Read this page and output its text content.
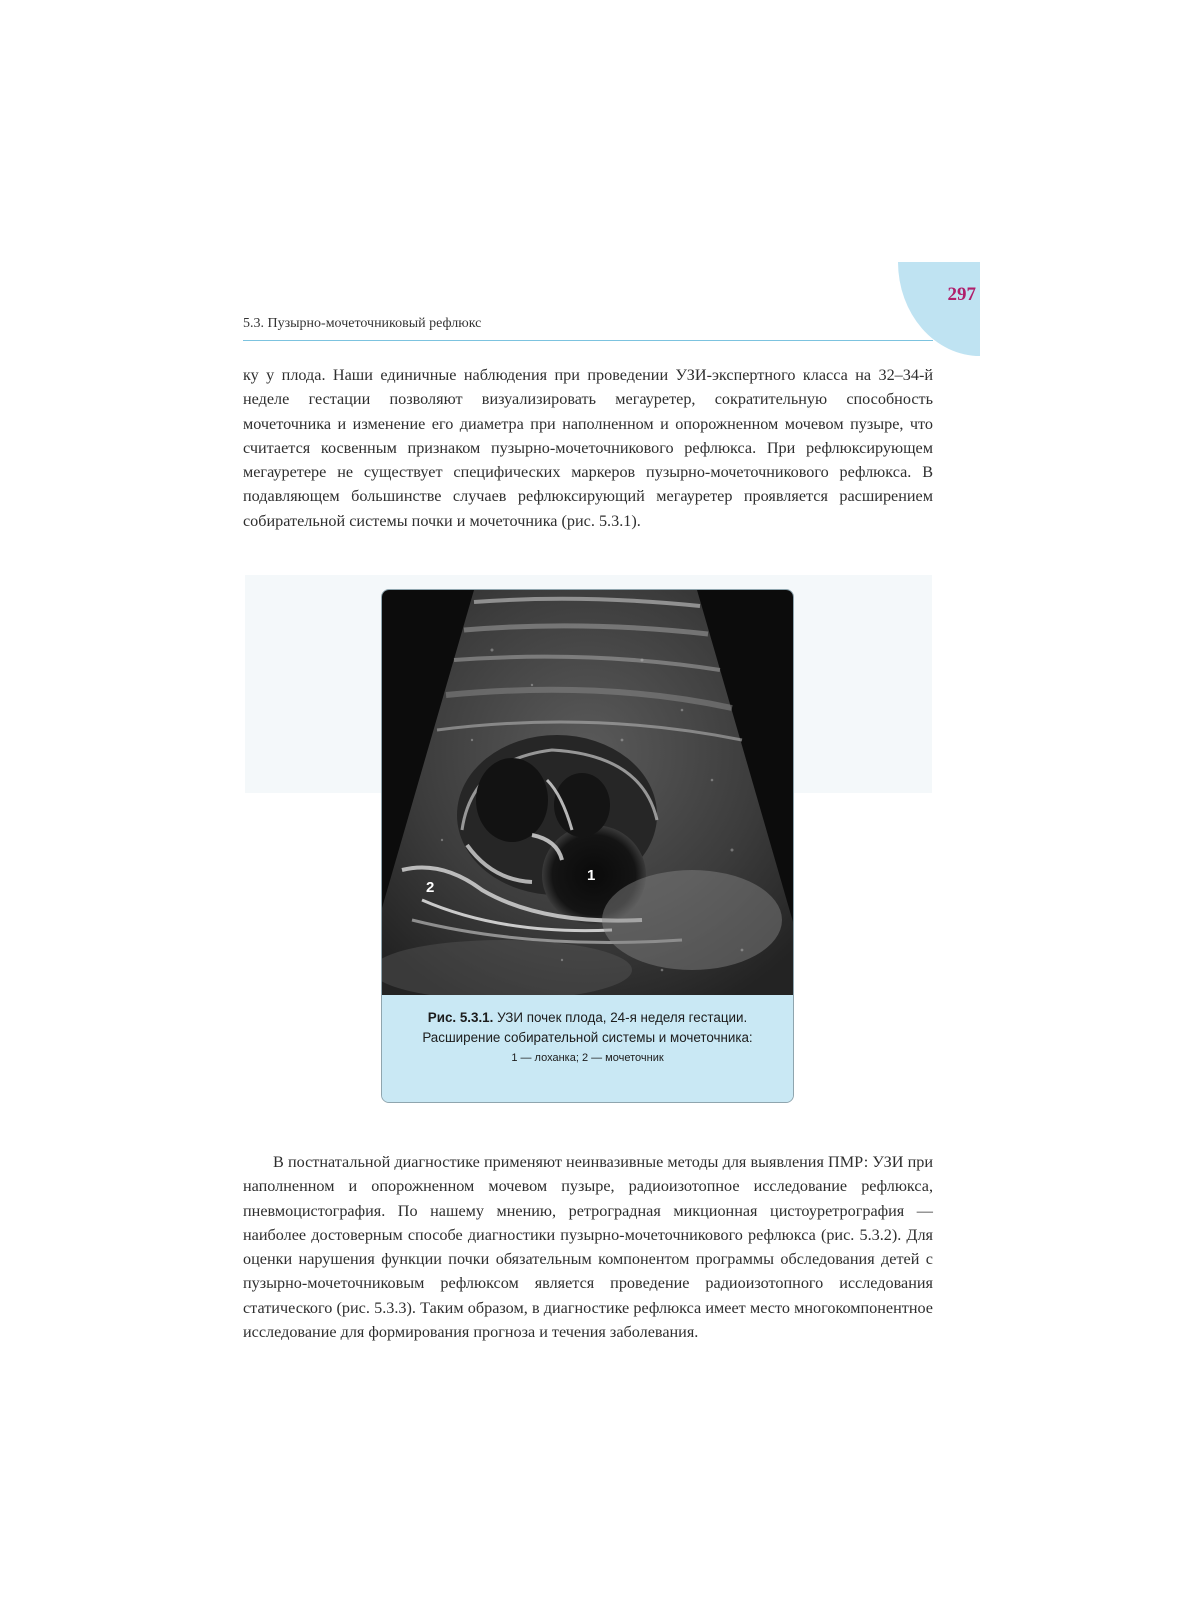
297
5.3. Пузырно-мочеточниковый рефлюкс

ку у плода. Наши единичные наблюдения при проведении УЗИ-экспертного класса на 32–34-й неделе гестации позволяют визуализировать мегауретер, сократительную способность мочеточника и изменение его диаметра при наполненном и опорожненном мочевом пузыре, что считается косвенным признаком пузырно-мочеточникового рефлюкса. При рефлюксирующем мегауретере не существует специфических маркеров пузырно-мочеточникового рефлюкса. В подавляющем большинстве случаев рефлюксирующий мегауретер проявляется расширением собирательной системы почки и мочеточника (рис. 5.3.1).

1
2
Рис. 5.3.1. УЗИ почек плода, 24-я неделя гестации. Расширение собирательной системы и мочеточника:
1 — лоханка; 2 — мочеточник

В постнатальной диагностике применяют неинвазивные методы для выявления ПМР: УЗИ при наполненном и опорожненном мочевом пузыре, радиоизотопное исследование рефлюкса, пневмоцистография. По нашему мнению, ретроградная микционная цистоуретрография — наиболее достоверным способе диагностики пузырно-мочеточникового рефлюкса (рис. 5.3.2). Для оценки нарушения функции почки обязательным компонентом программы обследования детей с пузырно-мочеточниковым рефлюксом является проведение радиоизотопного исследования статического (рис. 5.3.3). Таким образом, в диагностике рефлюкса имеет место многокомпонентное исследование для формирования прогноза и течения заболевания.
